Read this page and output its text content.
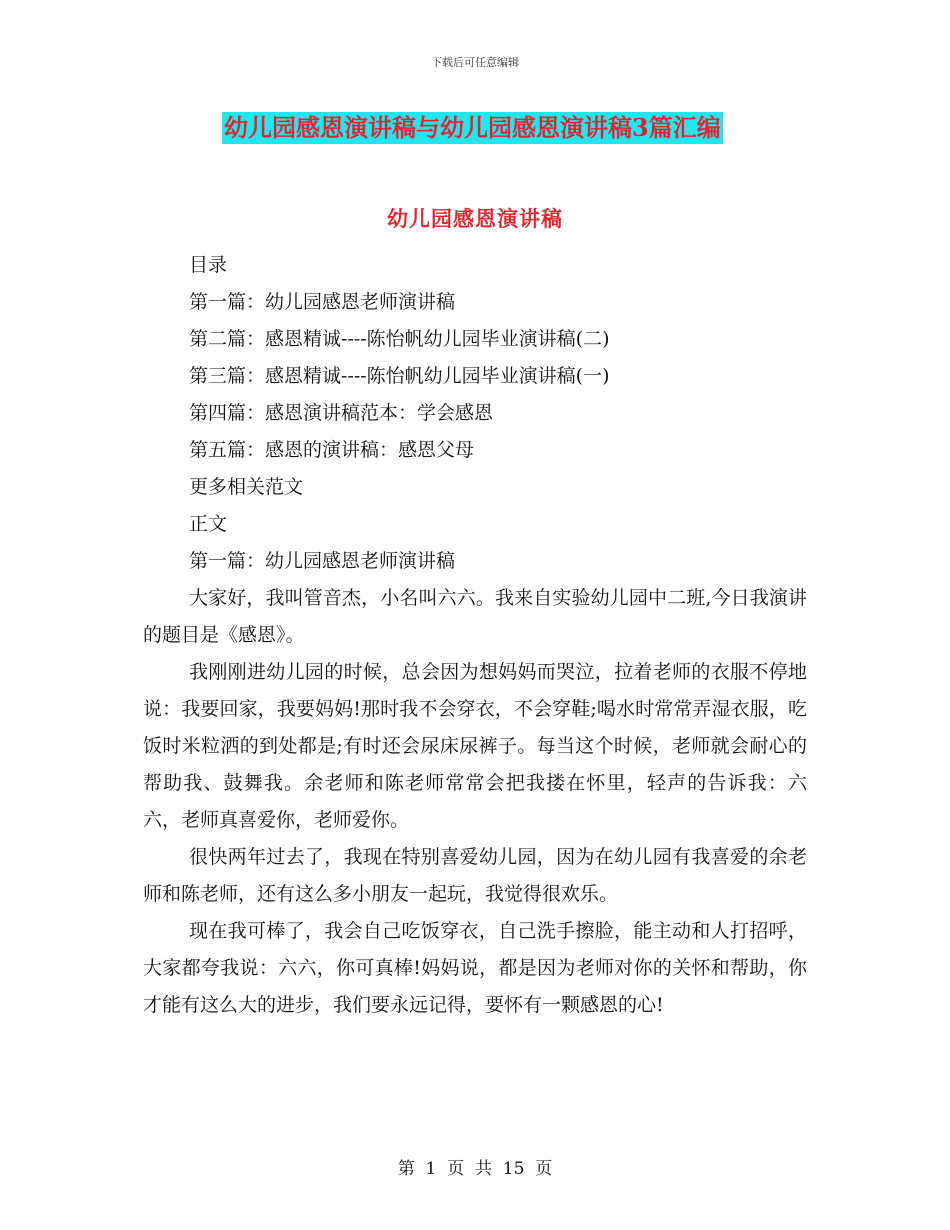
下载后可任意编辑
幼儿园感恩演讲稿与幼儿园感恩演讲稿3篇汇编
幼儿园感恩演讲稿

目录

第一篇：幼儿园感恩老师演讲稿

第二篇：感恩精诚----陈怡帆幼儿园毕业演讲稿(二)

第三篇：感恩精诚----陈怡帆幼儿园毕业演讲稿(一)

第四篇：感恩演讲稿范本：学会感恩

第五篇：感恩的演讲稿：感恩父母

更多相关范文

正文

第一篇：幼儿园感恩老师演讲稿

大家好，我叫管音杰，小名叫六六。我来自实验幼儿园中二班,今日我演讲的题目是《感恩》。

我刚刚进幼儿园的时候，总会因为想妈妈而哭泣，拉着老师的衣服不停地说：我要回家，我要妈妈!那时我不会穿衣，不会穿鞋;喝水时常常弄湿衣服，吃饭时米粒洒的到处都是;有时还会尿床尿裤子。每当这个时候，老师就会耐心的帮助我、鼓舞我。余老师和陈老师常常会把我搂在怀里，轻声的告诉我：六六，老师真喜爱你，老师爱你。

很快两年过去了，我现在特别喜爱幼儿园，因为在幼儿园有我喜爱的余老师和陈老师，还有这么多小朋友一起玩，我觉得很欢乐。

现在我可棒了，我会自己吃饭穿衣，自己洗手擦脸，能主动和人打招呼，大家都夸我说：六六，你可真棒!妈妈说，都是因为老师对你的关怀和帮助，你才能有这么大的进步，我们要永远记得，要怀有一颗感恩的心!

第  1  页  共  15  页
